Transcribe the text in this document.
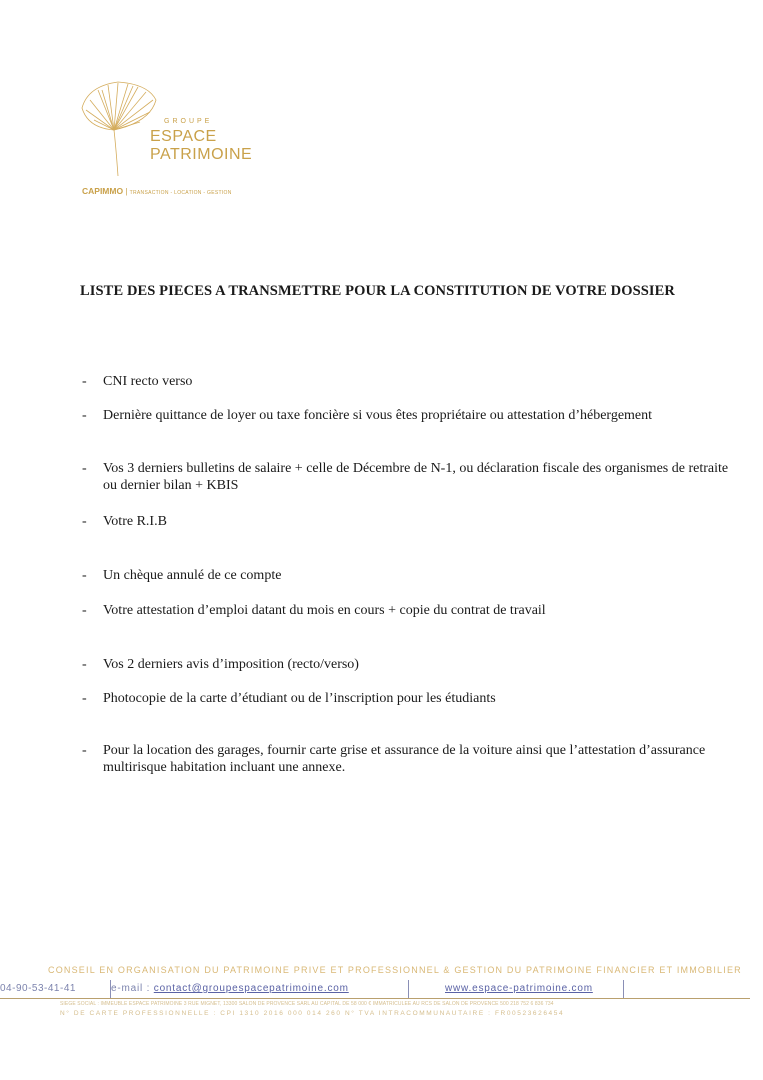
GROUPE
ESPACE
PATRIMOINE
CAPIMMO | TRANSACTION - LOCATION - GESTION
LISTE DES PIECES A TRANSMETTRE POUR LA CONSTITUTION DE VOTRE DOSSIER
- CNI recto verso
- Dernière quittance de loyer ou taxe foncière si vous êtes propriétaire ou attestation d’hébergement
- Vos 3 derniers bulletins de salaire + celle de Décembre de N-1, ou déclaration fiscale des organismes de retraite ou dernier bilan + KBIS
- Votre R.I.B
- Un chèque annulé de ce compte
- Votre attestation d’emploi datant du mois en cours + copie du contrat de travail
- Vos 2 derniers avis d’imposition (recto/verso)
- Photocopie de la carte d’étudiant ou de l’inscription pour les étudiants
- Pour la location des garages, fournir carte grise et assurance de la voiture ainsi que l’attestation d’assurance multirisque habitation incluant une annexe.
CONSEIL EN ORGANISATION DU PATRIMOINE PRIVE ET PROFESSIONNEL & GESTION DU PATRIMOINE FINANCIER ET IMMOBILIER
04-90-53-41-41	e-mail : contact@groupespacepatrimoine.com	www.espace-patrimoine.com
SIEGE SOCIAL : IMMEUBLE ESPACE PATRIMOINE 3 RUE MIGNET, 13300 SALON DE PROVENCE SARL AU CAPITAL DE 58 000 € IMMATRICULEE AU RCS DE SALON DE PROVENCE 500 218 752 6 836 734
N° DE CARTE PROFESSIONNELLE : CPI 1310 2016 000 014 260 N° TVA INTRACOMMUNAUTAIRE : FR00523626454
